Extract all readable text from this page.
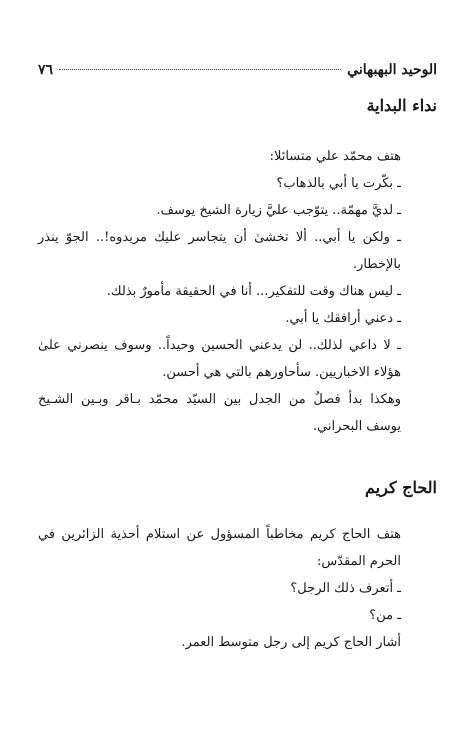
الوحيد البهبهاني
٧٦
نداء البداية

هتف محمّد علي متسائلا:

ـ بكّرت يا أبي بالذهاب؟

ـ لديَّ مهمّة.. يتوّجب عليَّ زيارة الشيخ يوسف.

ـ ولكن يا أبي.. ألا تخشىٰ أن يتجاسر عليك مريدوه!.. الجوّ ينذر بالإخطار.

ـ ليس هناك وقت للتفكير... أنا في الحقيقة مأمورٌ بذلك.

ـ دعني أرافقك يا أبي.

ـ لا داعي لذلك.. لن يدعني الحسين وحيداً.. وسوف ينصرني علىٰ هؤلاء الاخباريين. سأحاورهم بالتي هي أحسن.

وهكذا بدأ فصلٌ من الجدل بين السيّد محمّد بـاقر وبـين الشـيخ يوسف البحراني.

الحاج كريم

هتف الحاج كريم مخاطباً المسؤول عن استلام أحذية الزائرين في الحرم المقدّس:

ـ أتعرف ذلك الرجل؟

ـ من؟

أشار الحاج كريم إلى رجل متوسط العمر.
